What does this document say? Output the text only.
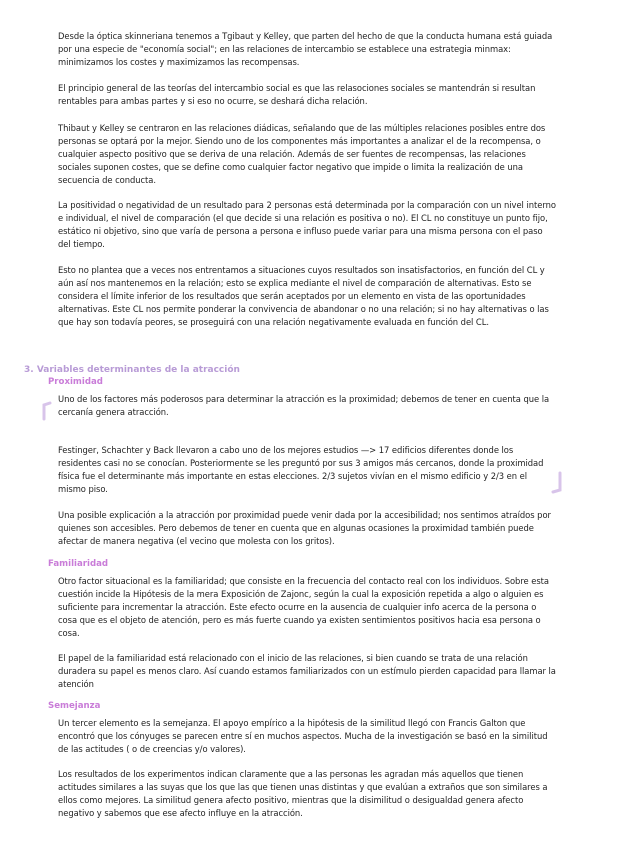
Desde la óptica skinneriana tenemos a Tgibaut y Kelley, que parten del hecho de que la conducta humana está guiada por una especie de "economía social"; en las relaciones de intercambio se establece una estrategia minmax: minimizamos los costes y maximizamos las recompensas.

El principio general de las teorías del intercambio social es que las relasociones sociales se mantendrán si resultan rentables para ambas partes y si eso no ocurre, se deshará dicha relación.

Thibaut y Kelley se centraron en las relaciones diádicas, señalando que de las múltiples relaciones posibles entre dos personas se optará por la mejor. Siendo uno de los componentes más importantes a analizar el de la recompensa, o cualquier aspecto positivo que se deriva de una relación. Además de ser fuentes de recompensas, las relaciones sociales suponen costes, que se define como cualquier factor negativo que impide o limita la realización de una secuencia de conducta.

La positividad o negatividad de un resultado para 2 personas está determinada por la comparación con un nivel interno e individual, el nivel de comparación (el que decide si una relación es positiva o no). El CL no constituye un punto fijo, estático ni objetivo, sino que varía de persona a persona e influso puede variar para una misma persona con el paso del tiempo.

Esto no plantea que a veces nos entrentamos a situaciones cuyos resultados son insatisfactorios, en función del CL y aún así nos mantenemos en la relación; esto se explica mediante el nivel de comparación de alternativas. Esto se considera el límite inferior de los resultados que serán aceptados por un elemento en vista de las oportunidades alternativas. Este CL nos permite ponderar la convivencia de abandonar o no una relación; si no hay alternativas o las que hay son todavía peores, se proseguirá con una relación negativamente evaluada en función del CL.

3. Variables determinantes de la atracción
Proximidad

Uno de los factores más poderosos para determinar la atracción es la proximidad; debemos de tener en cuenta que la cercanía genera atracción.

Festinger, Schachter y Back llevaron a cabo uno de los mejores estudios —> 17 edificios diferentes donde los residentes casi no se conocían. Posteriormente se les preguntó por sus 3 amigos más cercanos, donde la proximidad física fue el determinante más importante en estas elecciones. 2/3 sujetos vivían en el mismo edificio y 2/3 en el mismo piso.

Una posible explicación a la atracción por proximidad puede venir dada por la accesibilidad; nos sentimos atraídos por quienes son accesibles. Pero debemos de tener en cuenta que en algunas ocasiones la proximidad también puede afectar de manera negativa (el vecino que molesta con los gritos).

Familiaridad

Otro factor situacional es la familiaridad; que consiste en la frecuencia del contacto real con los individuos. Sobre esta cuestión incide la Hipótesis de la mera Exposición de Zajonc, según la cual la exposición repetida a algo o alguien es suficiente para incrementar la atracción. Este efecto ocurre en la ausencia de cualquier info acerca de la persona o cosa que es el objeto de atención, pero es más fuerte cuando ya existen sentimientos positivos hacia esa persona o cosa.

El papel de la familiaridad está relacionado con el inicio de las relaciones, si bien cuando se trata de una relación duradera su papel es menos claro. Así cuando estamos familiarizados con un estímulo pierden capacidad para llamar la atención

Semejanza

Un tercer elemento es la semejanza. El apoyo empírico a la hipótesis de la similitud llegó con Francis Galton que encontró que los cónyuges se parecen entre sí en muchos aspectos. Mucha de la investigación se basó en la similitud de las actitudes ( o de creencias y/o valores).

Los resultados de los experimentos indican claramente que a las personas les agradan más aquellos que tienen actitudes similares a las suyas que los que las que tienen unas distintas y que evalúan a extraños que son similares a ellos como mejores. La similitud genera afecto positivo, mientras que la disimilitud o desigualdad genera afecto negativo y sabemos que ese afecto influye en la atracción.
